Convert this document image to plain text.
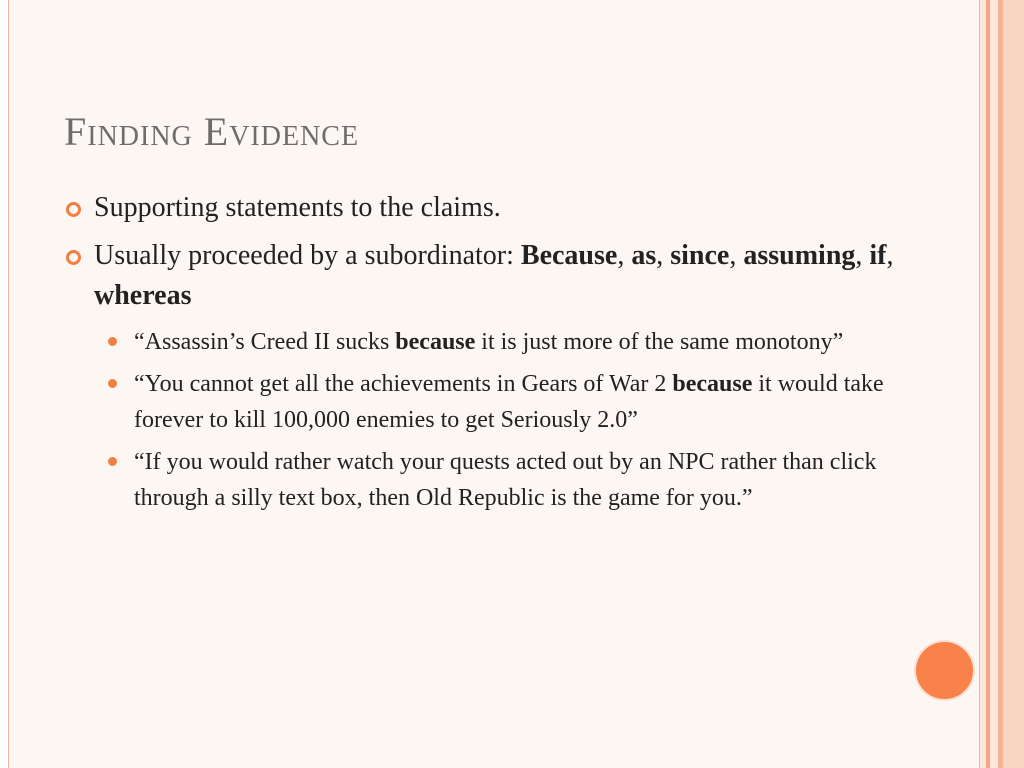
Finding Evidence
Supporting statements to the claims.
Usually proceeded by a subordinator: Because, as, since, assuming, if, whereas
“Assassin’s Creed II sucks because it is just more of the same monotony”
“You cannot get all the achievements in Gears of War 2 because it would take forever to kill 100,000 enemies to get Seriously 2.0”
“If you would rather watch your quests acted out by an NPC rather than click through a silly text box, then Old Republic is the game for you.”
